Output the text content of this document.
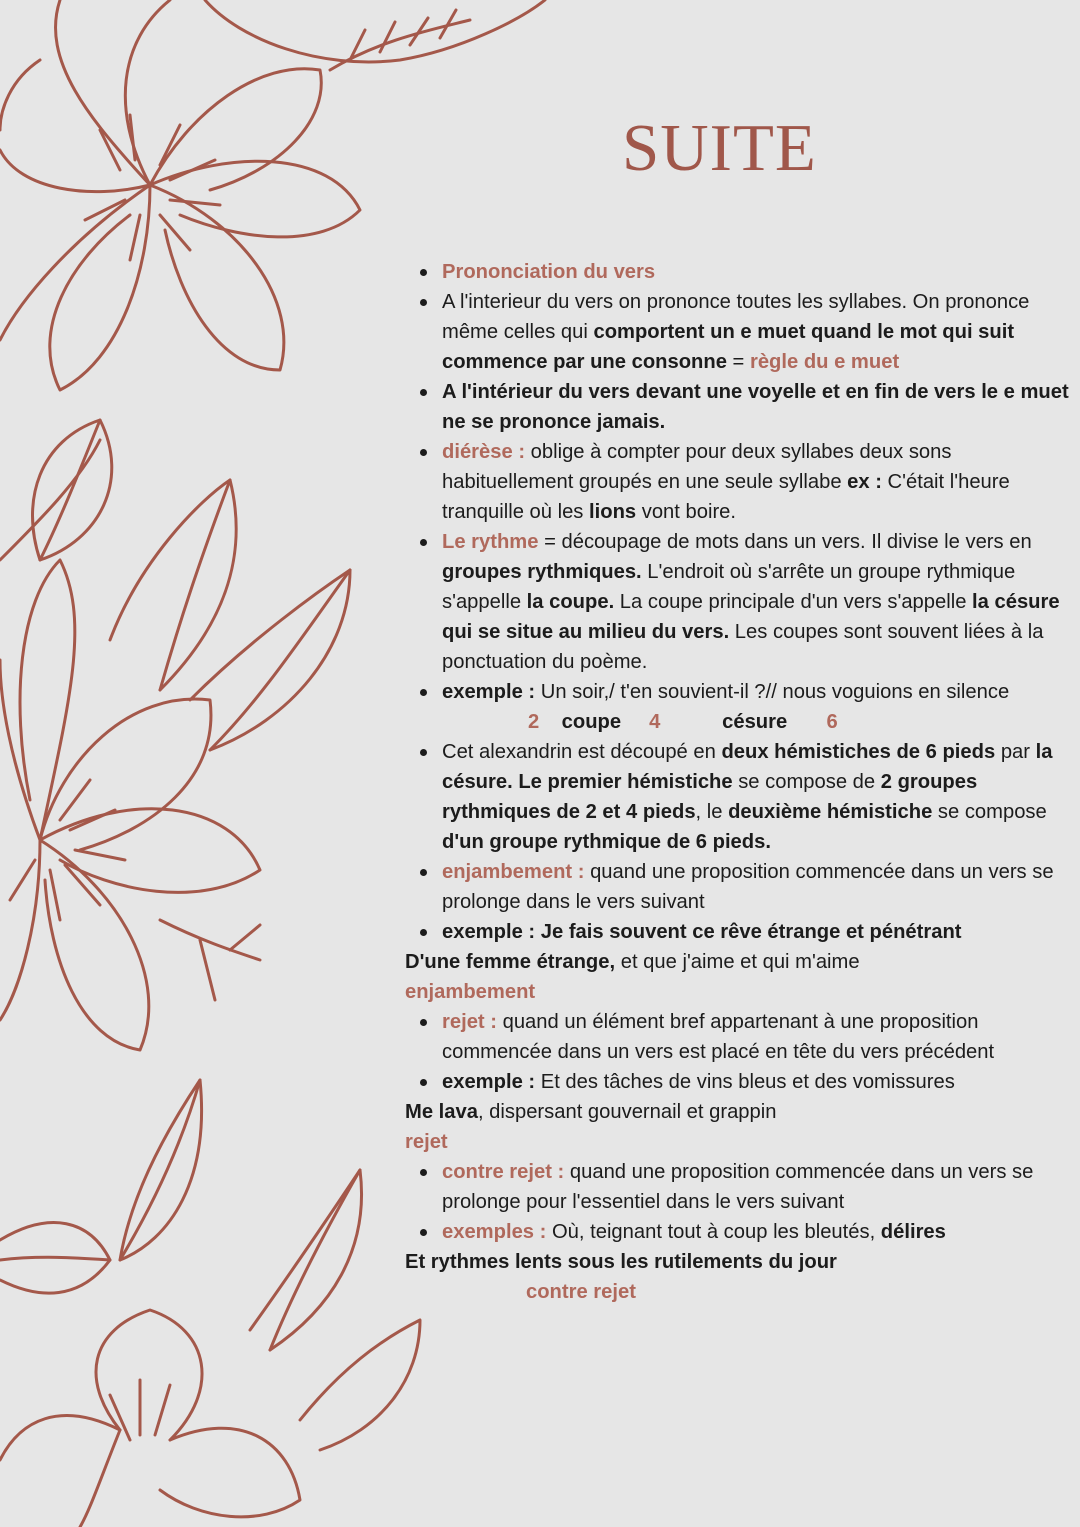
SUITE
Prononciation du vers
A l'interieur du vers on prononce toutes les syllabes. On prononce même celles qui comportent un e muet quand le mot qui suit commence par une consonne = règle du e muet
A l'intérieur du vers devant une voyelle et en fin de vers le e muet ne se prononce jamais.
diérèse : oblige à compter pour deux syllabes deux sons habituellement groupés en une seule syllabe ex : C'était l'heure tranquille où les lions vont boire.
Le rythme = découpage de mots dans un vers. Il divise le vers en groupes rythmiques. L'endroit où s'arrête un groupe rythmique s'appelle la coupe. La coupe principale d'un vers s'appelle la césure qui se situe au milieu du vers. Les coupes sont souvent liées à la ponctuation du poème.
exemple : Un soir,/ t'en souvient-il ?// nous voguions en silence
2 coupe 4	césure 6
Cet alexandrin est découpé en deux hémistiches de 6 pieds par la césure. Le premier hémistiche se compose de 2 groupes rythmiques de 2 et 4 pieds, le deuxième hémistiche se compose d'un groupe rythmique de 6 pieds.
enjambement : quand une proposition commencée dans un vers se prolonge dans le vers suivant
exemple : Je fais souvent ce rêve étrange et pénétrant

D'une femme étrange, et que j'aime et qui m'aime

enjambement

rejet : quand un élément bref appartenant à une proposition commencée dans un vers est placé en tête du vers précédent
exemple : Et des tâches de vins bleus et des vomissures

Me lava, dispersant gouvernail et grappin

rejet

contre rejet : quand une proposition commencée dans un vers se prolonge pour l'essentiel dans le vers suivant
exemples : Où, teignant tout à coup les bleutés, délires

Et rythmes lents sous les rutilements du jour

contre rejet
